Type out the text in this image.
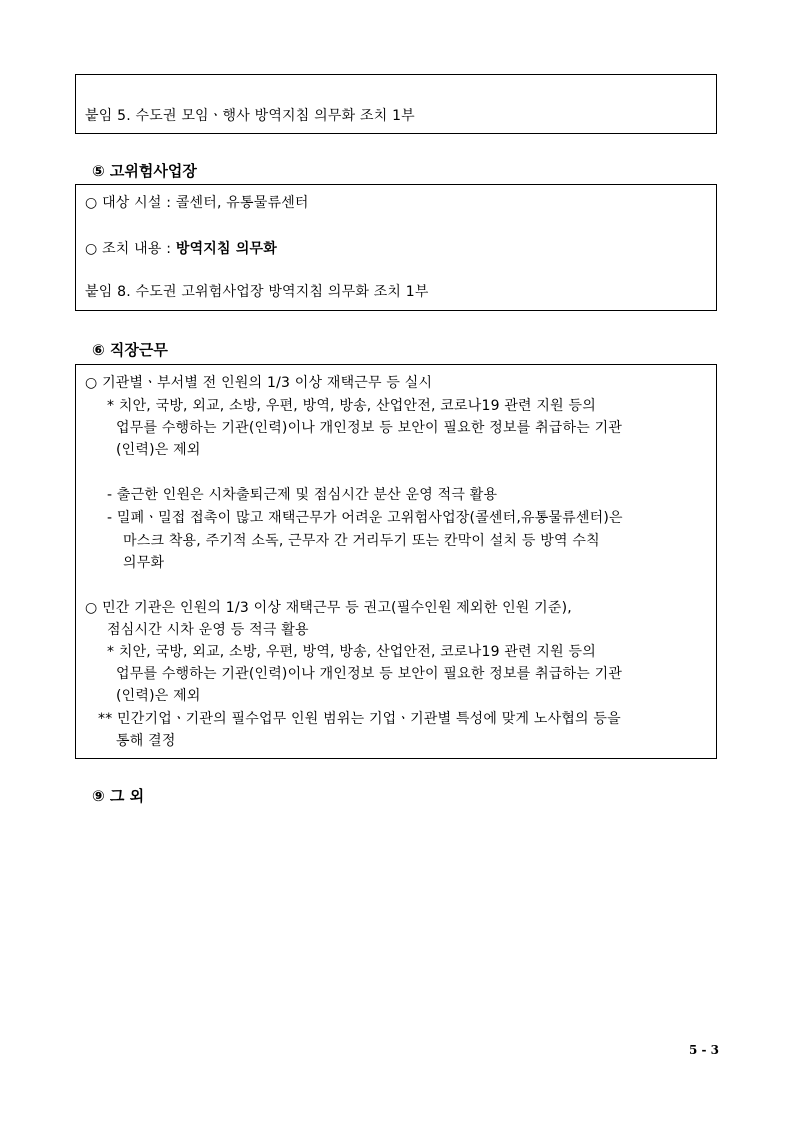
붙임 5. 수도권 모임ㆍ행사 방역지침 의무화 조치 1부
⑤ 고위험사업장
○ 대상 시설 : 콜센터, 유통물류센터
○ 조치 내용 : 방역지침 의무화
붙임 8. 수도권 고위험사업장 방역지침 의무화 조치 1부
⑥ 직장근무
○ 기관별ㆍ부서별 전 인원의 1/3 이상 재택근무 등 실시
* 치안, 국방, 외교, 소방, 우편, 방역, 방송, 산업안전, 코로나19 관련 지원 등의
업무를 수행하는 기관(인력)이나 개인정보 등 보안이 필요한 정보를 취급하는 기관
(인력)은 제외
- 출근한 인원은 시차출퇴근제 및 점심시간 분산 운영 적극 활용
- 밀폐ㆍ밀접 접촉이 많고 재택근무가 어려운 고위험사업장(콜센터,유통물류센터)은
마스크 착용, 주기적 소독, 근무자 간 거리두기 또는 칸막이 설치 등 방역 수칙
의무화
○ 민간 기관은 인원의 1/3 이상 재택근무 등 권고(필수인원 제외한 인원 기준),
점심시간 시차 운영 등 적극 활용
* 치안, 국방, 외교, 소방, 우편, 방역, 방송, 산업안전, 코로나19 관련 지원 등의
업무를 수행하는 기관(인력)이나 개인정보 등 보안이 필요한 정보를 취급하는 기관
(인력)은 제외
** 민간기업ㆍ기관의 필수업무 인원 범위는 기업ㆍ기관별 특성에 맞게 노사협의 등을
통해 결정
⑨ 그 외
5 - 3
